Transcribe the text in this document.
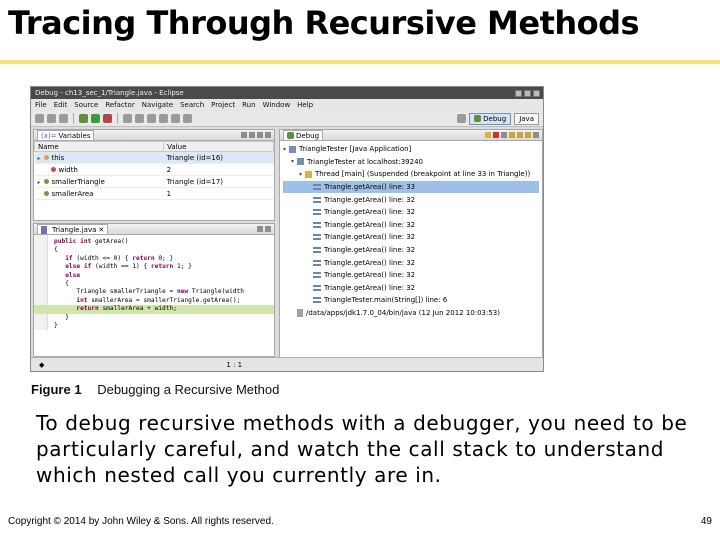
Tracing Through Recursive Methods
Debug - ch13_sec_1/Triangle.java - Eclipse
File Edit Source Refactor Navigate Search Project Run Window Help
Debug Java
(x)= Variables
Name	Value
▸ this	Triangle (id=16)
width	2
▸ smallerTriangle	Triangle (id=17)
smallerArea	1
Debug
▾	TriangleTester [Java Application]
▾	TriangleTester at localhost:39240
▾	Thread [main] (Suspended (breakpoint at line 33 in Triangle))
Triangle.getArea() line: 33
Triangle.getArea() line: 32
Triangle.getArea() line: 32
Triangle.getArea() line: 32
Triangle.getArea() line: 32
Triangle.getArea() line: 32
Triangle.getArea() line: 32
Triangle.getArea() line: 32
Triangle.getArea() line: 32
TriangleTester.main(String[]) line: 6
/data/apps/jdk1.7.0_04/bin/java (12 Jun 2012 10:03:53)
Triangle.java ✕
public int getArea()
{
if (width <= 0) { return 0; }
else if (width == 1) { return 1; }
else
{
Triangle smallerTriangle = new Triangle(width
int smallerArea = smallerTriangle.getArea();
return smallerArea + width;
}
}
◆	1 : 1
Figure 1 Debugging a Recursive Method
To debug recursive methods with a debugger, you need to be particularly careful, and watch the call stack to understand which nested call you currently are in.
Copyright © 2014 by John Wiley & Sons. All rights reserved.	49
